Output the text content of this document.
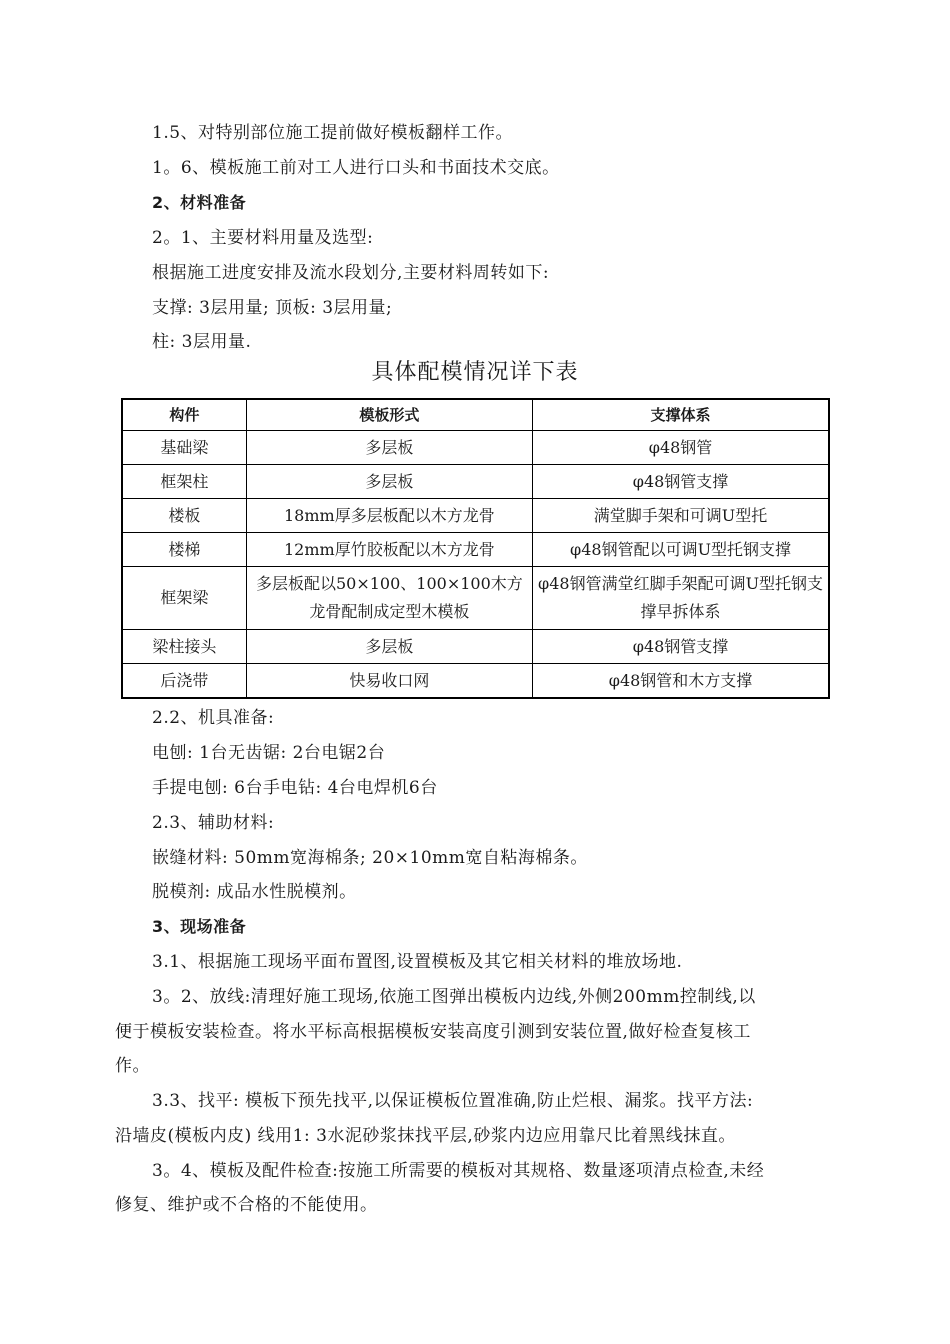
1.5、对特别部位施工提前做好模板翻样工作。
1。6、模板施工前对工人进行口头和书面技术交底。
2、材料准备
2。1、主要材料用量及选型:
根据施工进度安排及流水段划分,主要材料周转如下:
支撑: 3层用量; 顶板: 3层用量;
柱: 3层用量.
具体配模情况详下表
构件	模板形式	支撑体系
基础梁	多层板	φ48钢管
框架柱	多层板	φ48钢管支撑
楼板	18mm厚多层板配以木方龙骨	满堂脚手架和可调U型托
楼梯	12mm厚竹胶板配以木方龙骨	φ48钢管配以可调U型托钢支撑
框架梁	多层板配以50×100、100×100木方龙骨配制成定型木模板	φ48钢管满堂红脚手架配可调U型托钢支撑早拆体系
梁柱接头	多层板	φ48钢管支撑
后浇带	快易收口网	φ48钢管和木方支撑
2.2、机具准备:
电刨: 1台无齿锯: 2台电锯2台
手提电刨: 6台手电钻: 4台电焊机6台
2.3、辅助材料:
嵌缝材料: 50mm宽海棉条; 20×10mm宽自粘海棉条。
脱模剂: 成品水性脱模剂。
3、现场准备
3.1、根据施工现场平面布置图,设置模板及其它相关材料的堆放场地.
3。2、放线:清理好施工现场,依施工图弹出模板内边线,外侧200mm控制线,以
便于模板安装检查。将水平标高根据模板安装高度引测到安装位置,做好检查复核工
作。
3.3、找平: 模板下预先找平,以保证模板位置准确,防止烂根、漏浆。找平方法:
沿墙皮(模板内皮) 线用1: 3水泥砂浆抹找平层,砂浆内边应用靠尺比着黑线抹直。
3。4、模板及配件检查:按施工所需要的模板对其规格、数量逐项清点检查,未经
修复、维护或不合格的不能使用。
